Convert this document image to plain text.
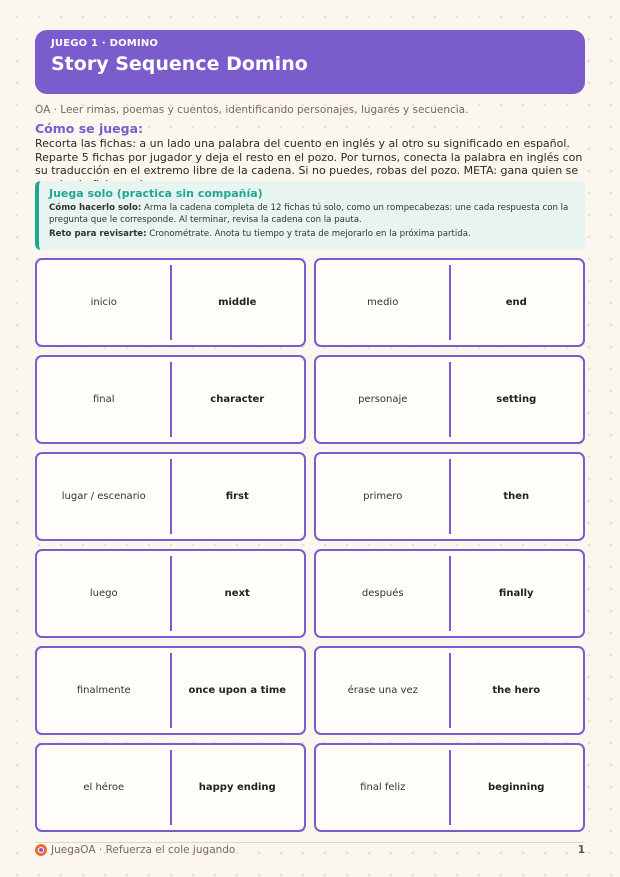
JUEGO 1 · DOMINO
Story Sequence Domino
OA · Leer rimas, poemas y cuentos, identificando personajes, lugares y secuencia.
Cómo se juega:
Recorta las fichas: a un lado una palabra del cuento en inglés y al otro su significado en español. Reparte 5 fichas por jugador y deja el resto en el pozo. Por turnos, conecta la palabra en inglés con su traducción en el extremo libre de la cadena. Si no puedes, robas del pozo. META: gana quien se
Juega solo (practica sin compañía)

Cómo hacerlo solo: Arma la cadena completa de 12 fichas tú solo, como un rompecabezas: une cada respuesta con la pregunta que le corresponde. Al terminar, revisa la cadena con la pauta.

Reto para revisarte: Cronométrate. Anota tu tiempo y trata de mejorarlo en la próxima partida.

inicio	middle	medio	end
final	character	personaje	setting
lugar / escenario	first	primero	then
luego	next	después	finally
finalmente	once upon a time	érase una vez	the hero
el héroe	happy ending	final feliz	beginning
JuegaOA · Refuerza el cole jugando	1
